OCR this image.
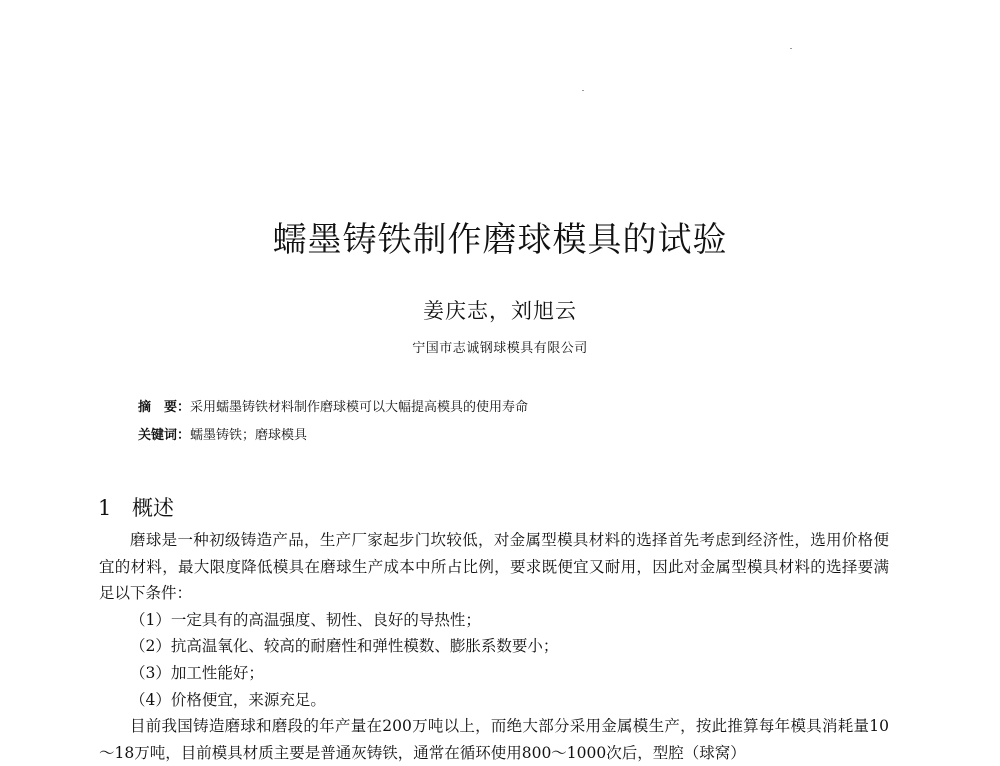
蠕墨铸铁制作磨球模具的试验
姜庆志，刘旭云
宁国市志诚钢球模具有限公司
摘　要：采用蠕墨铸铁材料制作磨球模可以大幅提高模具的使用寿命
关键词：蠕墨铸铁；磨球模具
1 概述

磨球是一种初级铸造产品，生产厂家起步门坎较低，对金属型模具材料的选择首先考虑到经济性，选用价格便宜的材料，最大限度降低模具在磨球生产成本中所占比例，要求既便宜又耐用，因此对金属型模具材料的选择要满足以下条件：

（1）一定具有的高温强度、韧性、良好的导热性；

（2）抗高温氧化、较高的耐磨性和弹性模数、膨胀系数要小；

（3）加工性能好；

（4）价格便宜，来源充足。

目前我国铸造磨球和磨段的年产量在200万吨以上，而绝大部分采用金属模生产，按此推算每年模具消耗量10～18万吨，目前模具材质主要是普通灰铸铁，通常在循环使用800～1000次后，型腔（球窝）
